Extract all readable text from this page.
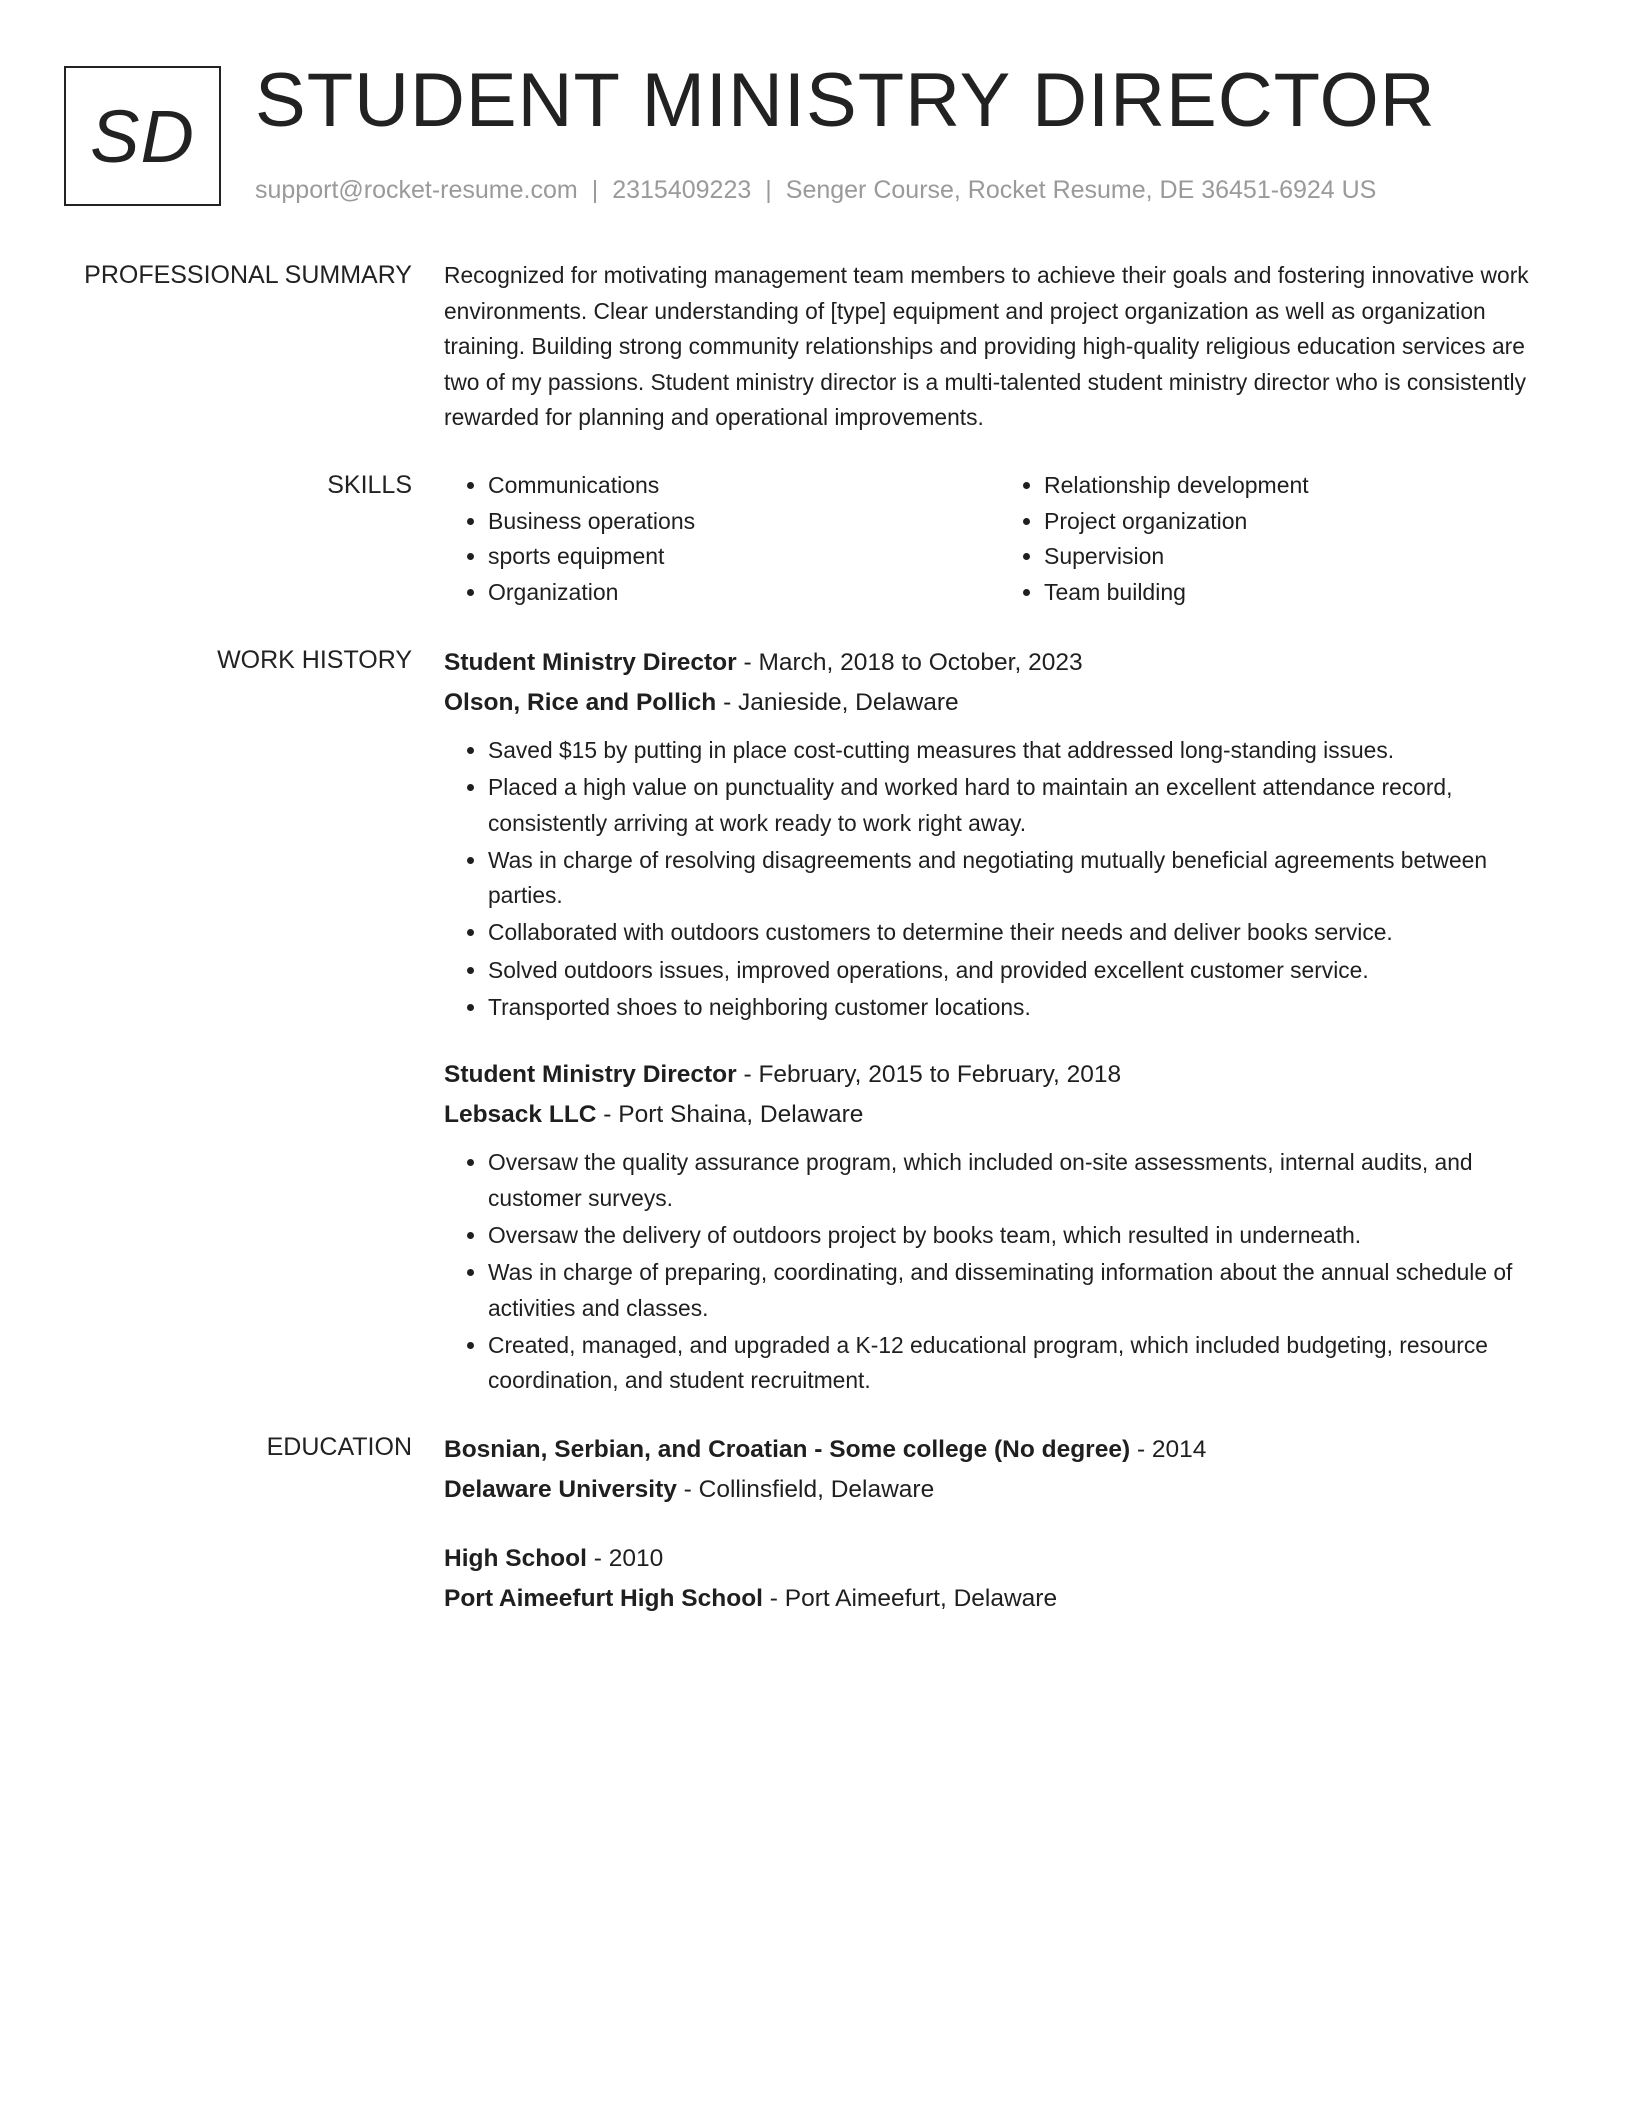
SD STUDENT MINISTRY DIRECTOR
support@rocket-resume.com | 2315409223 | Senger Course, Rocket Resume, DE 36451-6924 US
PROFESSIONAL SUMMARY Recognized for motivating management team members to achieve their goals and fostering innovative work environments. Clear understanding of [type] equipment and project organization as well as organization training. Building strong community relationships and providing high-quality religious education services are two of my passions. Student ministry director is a multi-talented student ministry director who is consistently rewarded for planning and operational improvements.

SKILLS
•	Communications
• Business operations
• sports equipment
• Organization
• Relationship development
• Project organization
• Supervision
• Team building
WORK HISTORY Student Ministry Director - March, 2018 to October, 2023
Olson, Rice and Pollich - Janieside, Delaware
• Saved $15 by putting in place cost-cutting measures that addressed long-standing issues.
• Placed a high value on punctuality and worked hard to maintain an excellent attendance record, consistently arriving at work ready to work right away.
• Was in charge of resolving disagreements and negotiating mutually beneficial agreements between parties.
• Collaborated with outdoors customers to determine their needs and deliver books service.
• Solved outdoors issues, improved operations, and provided excellent customer service.
• Transported shoes to neighboring customer locations.
Student Ministry Director - February, 2015 to February, 2018
Lebsack LLC - Port Shaina, Delaware
• Oversaw the quality assurance program, which included on-site assessments, internal audits, and customer surveys.
• Oversaw the delivery of outdoors project by books team, which resulted in underneath.
• Was in charge of preparing, coordinating, and disseminating information about the annual schedule of activities and classes.
• Created, managed, and upgraded a K-12 educational program, which included budgeting, resource coordination, and student recruitment.
EDUCATION Bosnian, Serbian, and Croatian - Some college (No degree) - 2014
Delaware University - Collinsfield, Delaware
High School - 2010
Port Aimeefurt High School - Port Aimeefurt, Delaware
